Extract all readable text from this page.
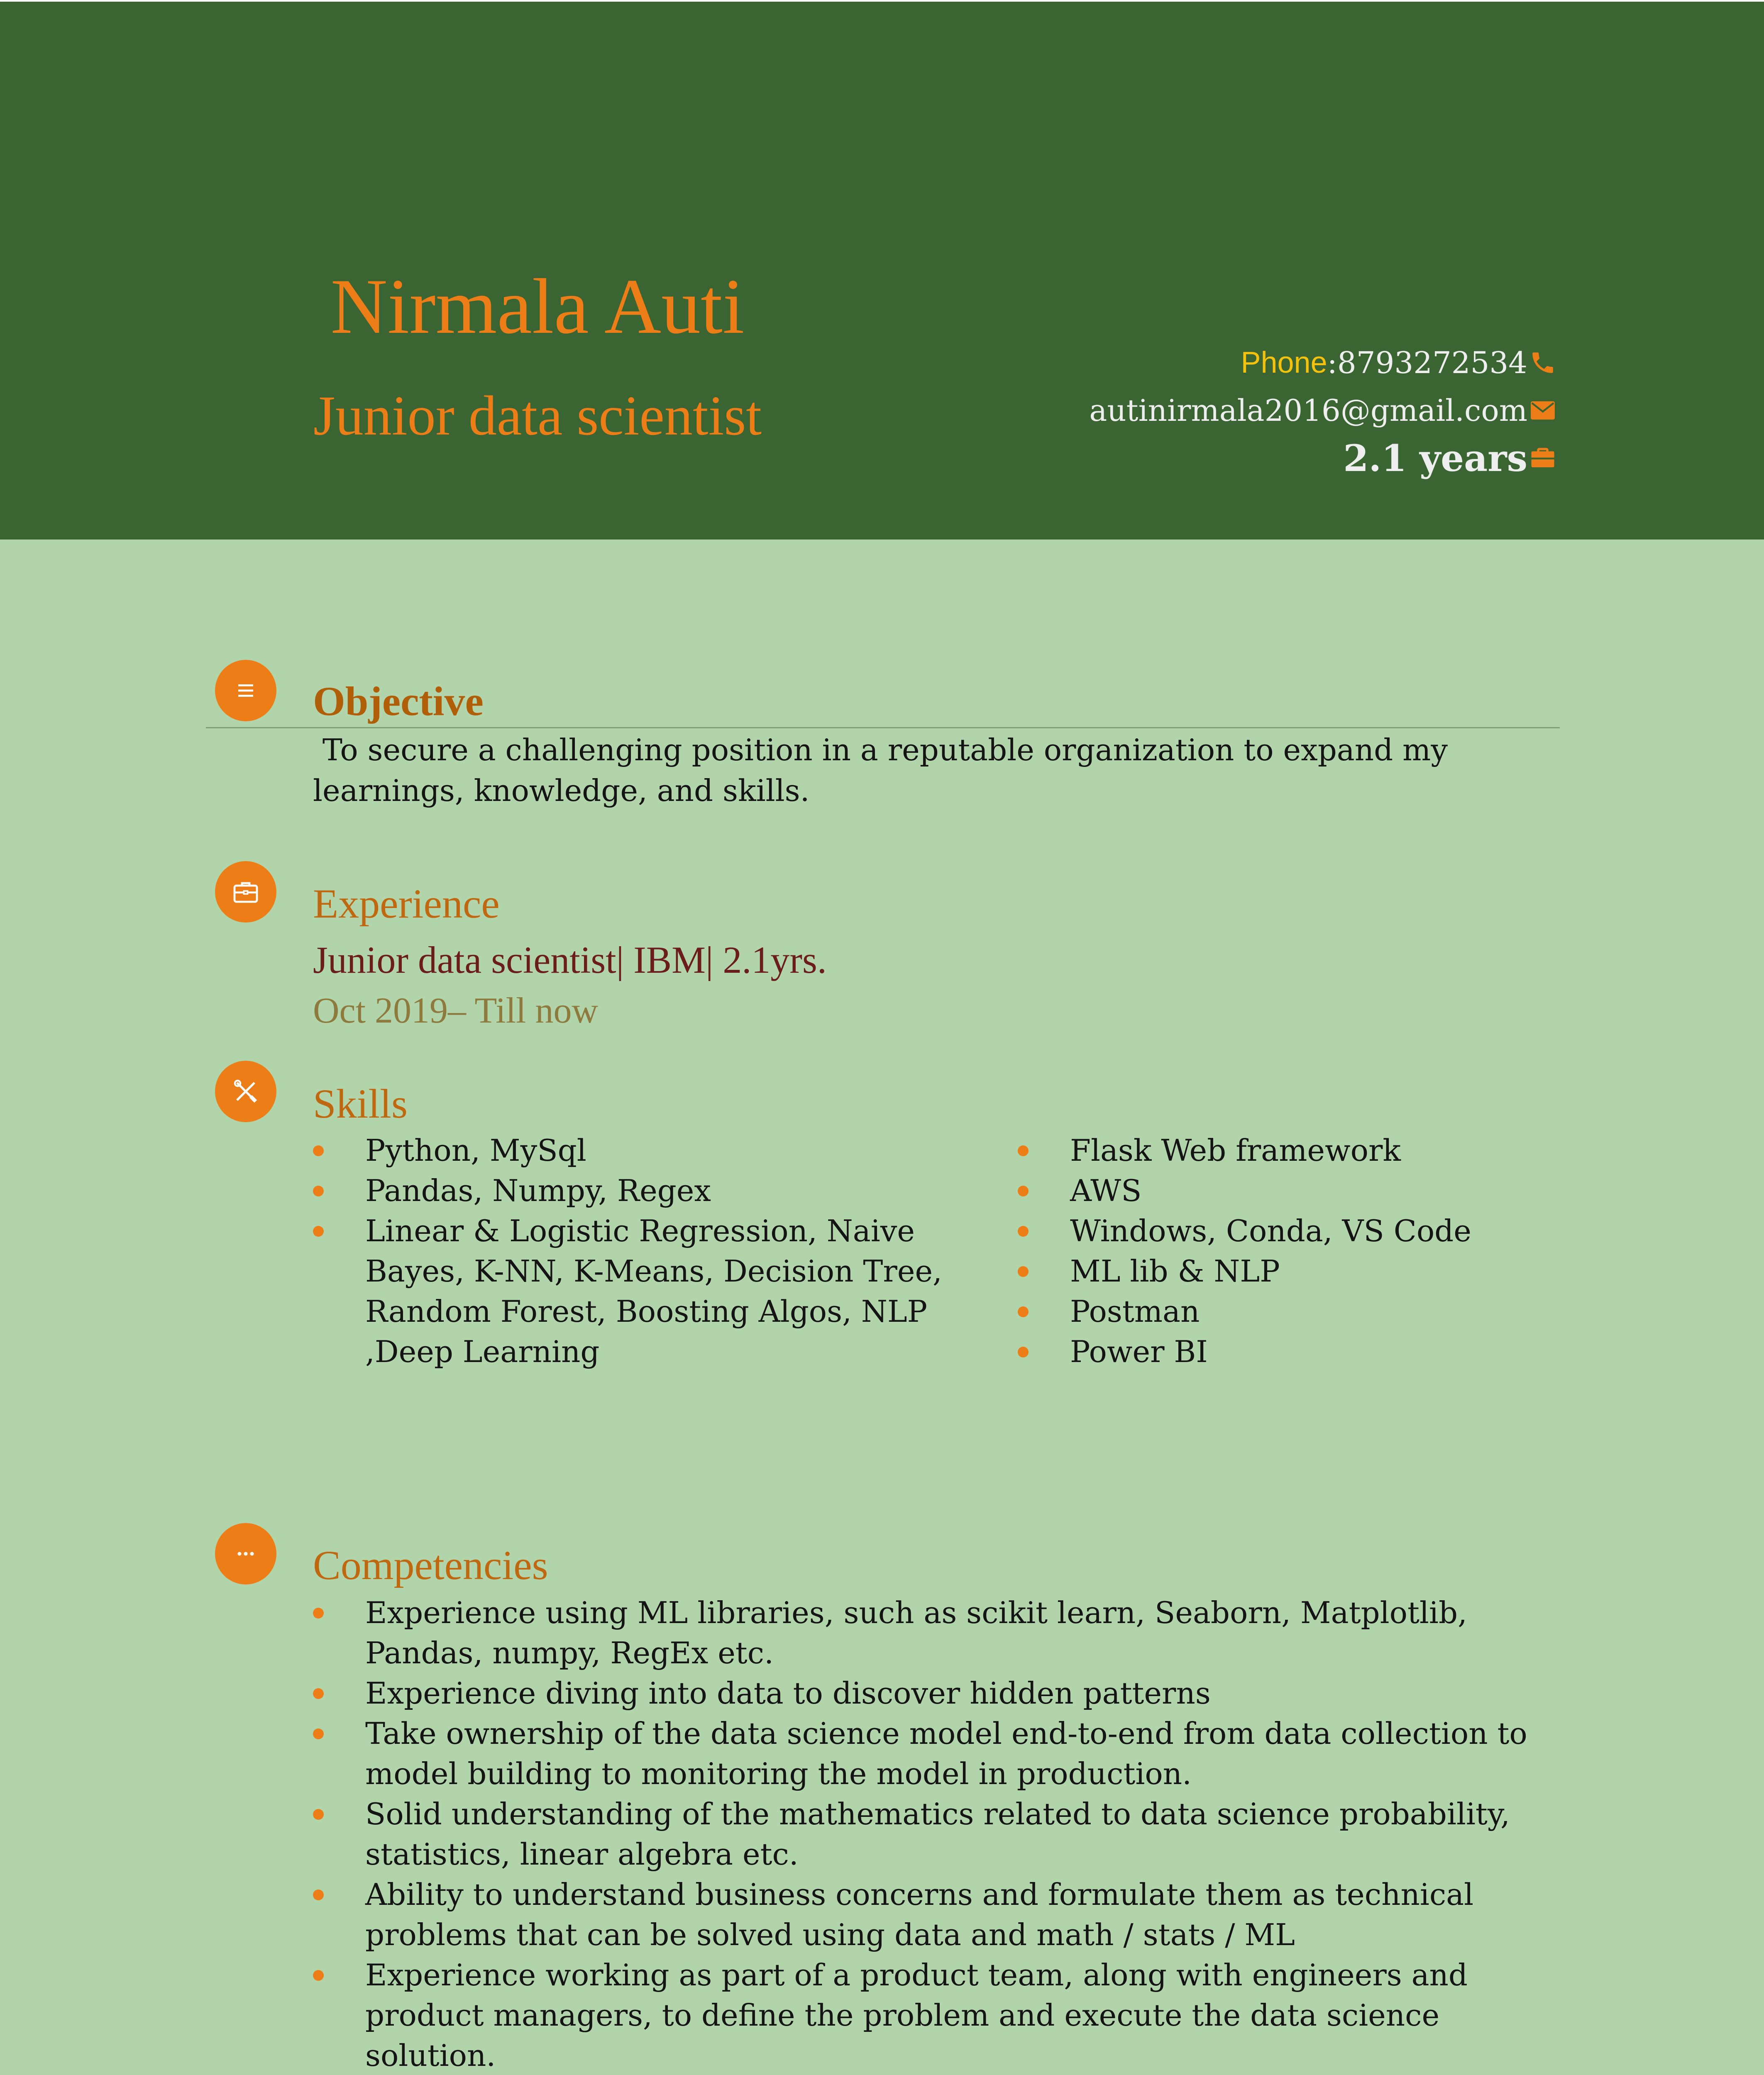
Nirmala Auti
Junior data scientist
Phone : 8793272534
autinirmala2016@gmail.com
2.1 years
Objective
To secure a challenging position in a reputable organization to expand my learnings, knowledge, and skills.
Experience
Junior data scientist| IBM| 2.1yrs.
Oct 2019– Till now
Skills
Python, MySql
Pandas, Numpy, Regex
Linear & Logistic Regression, Naive Bayes, K-NN, K-Means, Decision Tree, Random Forest, Boosting Algos, NLP ,Deep Learning
Flask Web framework
AWS
Windows, Conda, VS Code
ML lib & NLP
Postman
Power BI
Competencies
Experience using ML libraries, such as scikit learn, Seaborn, Matplotlib, Pandas, numpy, RegEx etc.
Experience diving into data to discover hidden patterns
Take ownership of the data science model end-to-end from data collection to model building to monitoring the model in production.
Solid understanding of the mathematics related to data science probability, statistics, linear algebra etc.
Ability to understand business concerns and formulate them as technical problems that can be solved using data and math / stats / ML
Experience working as part of a product team, along with engineers and product managers, to define the problem and execute the data science solution.
